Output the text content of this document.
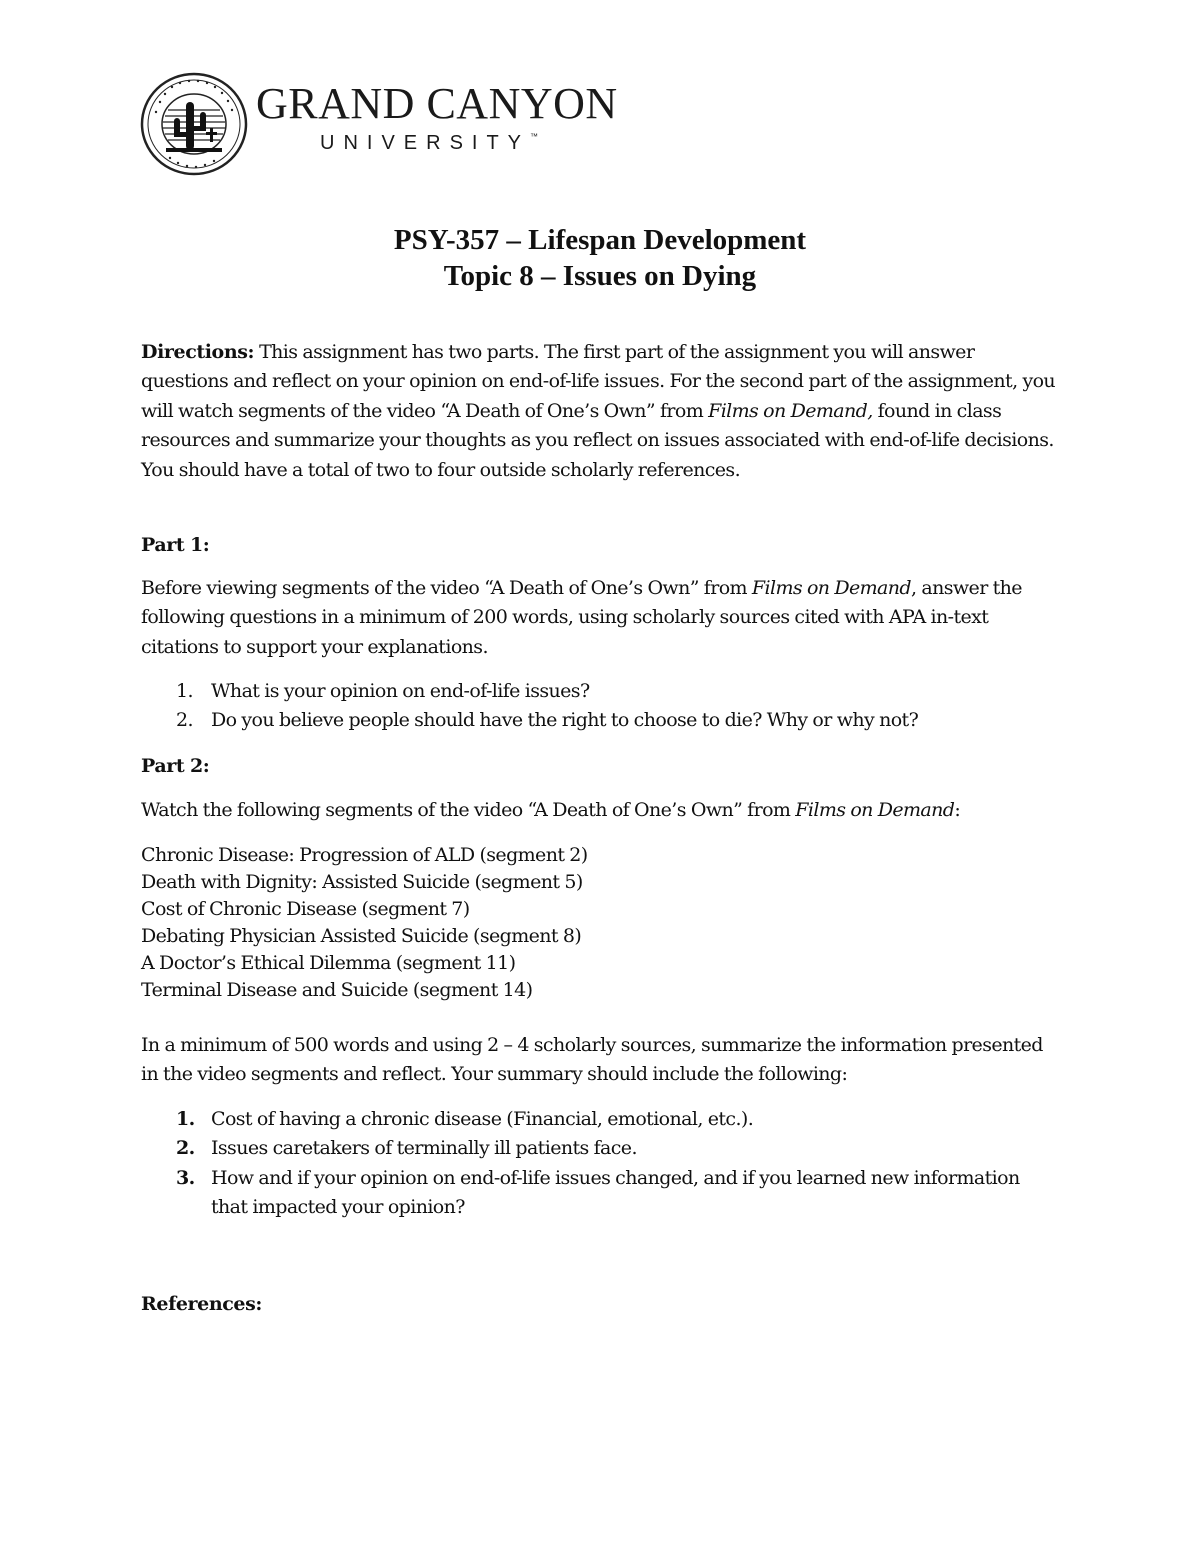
GRAND CANYON
UNIVERSITY™
PSY-357 – Lifespan Development
Topic 8 – Issues on Dying
Directions: This assignment has two parts. The first part of the assignment you will answer questions and reflect on your opinion on end-of-life issues. For the second part of the assignment, you will watch segments of the video “A Death of One’s Own” from Films on Demand, found in class resources and summarize your thoughts as you reflect on issues associated with end-of-life decisions. You should have a total of two to four outside scholarly references.
Part 1:
Before viewing segments of the video “A Death of One’s Own” from Films on Demand, answer the following questions in a minimum of 200 words, using scholarly sources cited with APA in-text citations to support your explanations.
1. What is your opinion on end-of-life issues?
2. Do you believe people should have the right to choose to die? Why or why not?
Part 2:
Watch the following segments of the video “A Death of One’s Own” from Films on Demand:
Chronic Disease: Progression of ALD (segment 2)
Death with Dignity: Assisted Suicide (segment 5)
Cost of Chronic Disease (segment 7)
Debating Physician Assisted Suicide (segment 8)
A Doctor’s Ethical Dilemma (segment 11)
Terminal Disease and Suicide (segment 14)
In a minimum of 500 words and using 2 – 4 scholarly sources, summarize the information presented in the video segments and reflect. Your summary should include the following:
1. Cost of having a chronic disease (Financial, emotional, etc.).
2. Issues caretakers of terminally ill patients face.
3. How and if your opinion on end-of-life issues changed, and if you learned new information that impacted your opinion?
References:
